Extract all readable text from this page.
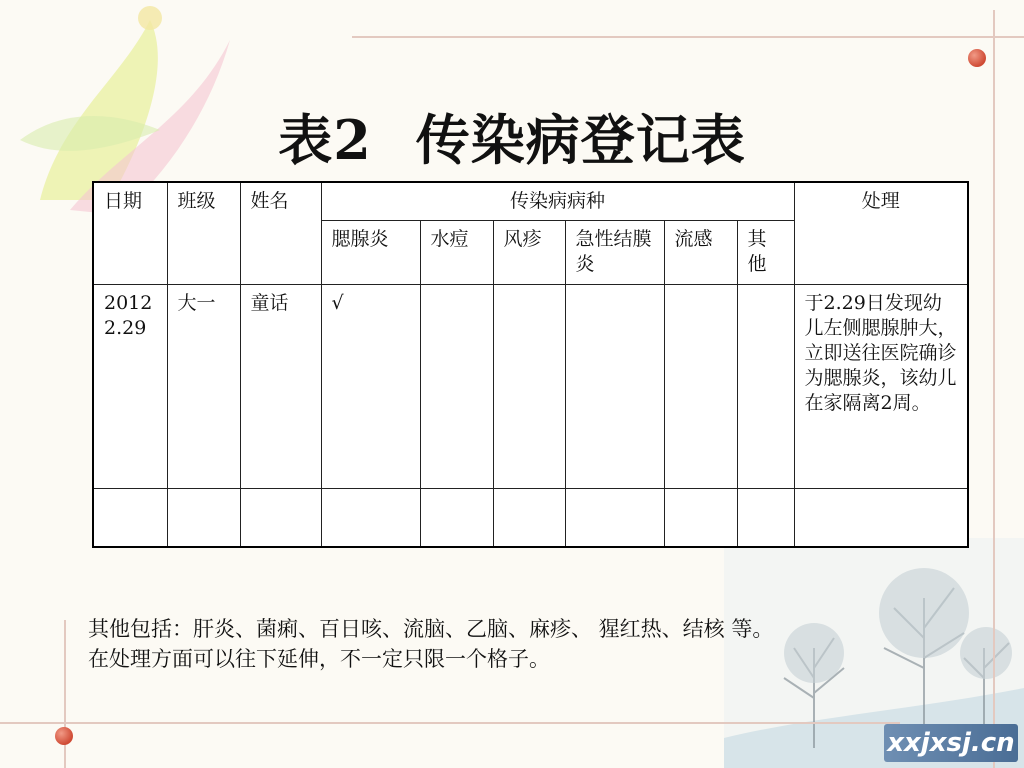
表2 传染病登记表
日期	班级	姓名	传染病病种						处理
			腮腺炎	水痘	风疹	急性结膜炎	流感	其他	
2012 2.29	大一	童话	√						于2.29日发现幼儿左侧腮腺肿大，立即送往医院确诊为腮腺炎，该幼儿在家隔离2周。

其他包括：肝炎、菌痢、百日咳、流脑、乙脑、麻疹、 猩红热、结核 等。
在处理方面可以往下延伸，不一定只限一个格子。
xxjxsj.cn
